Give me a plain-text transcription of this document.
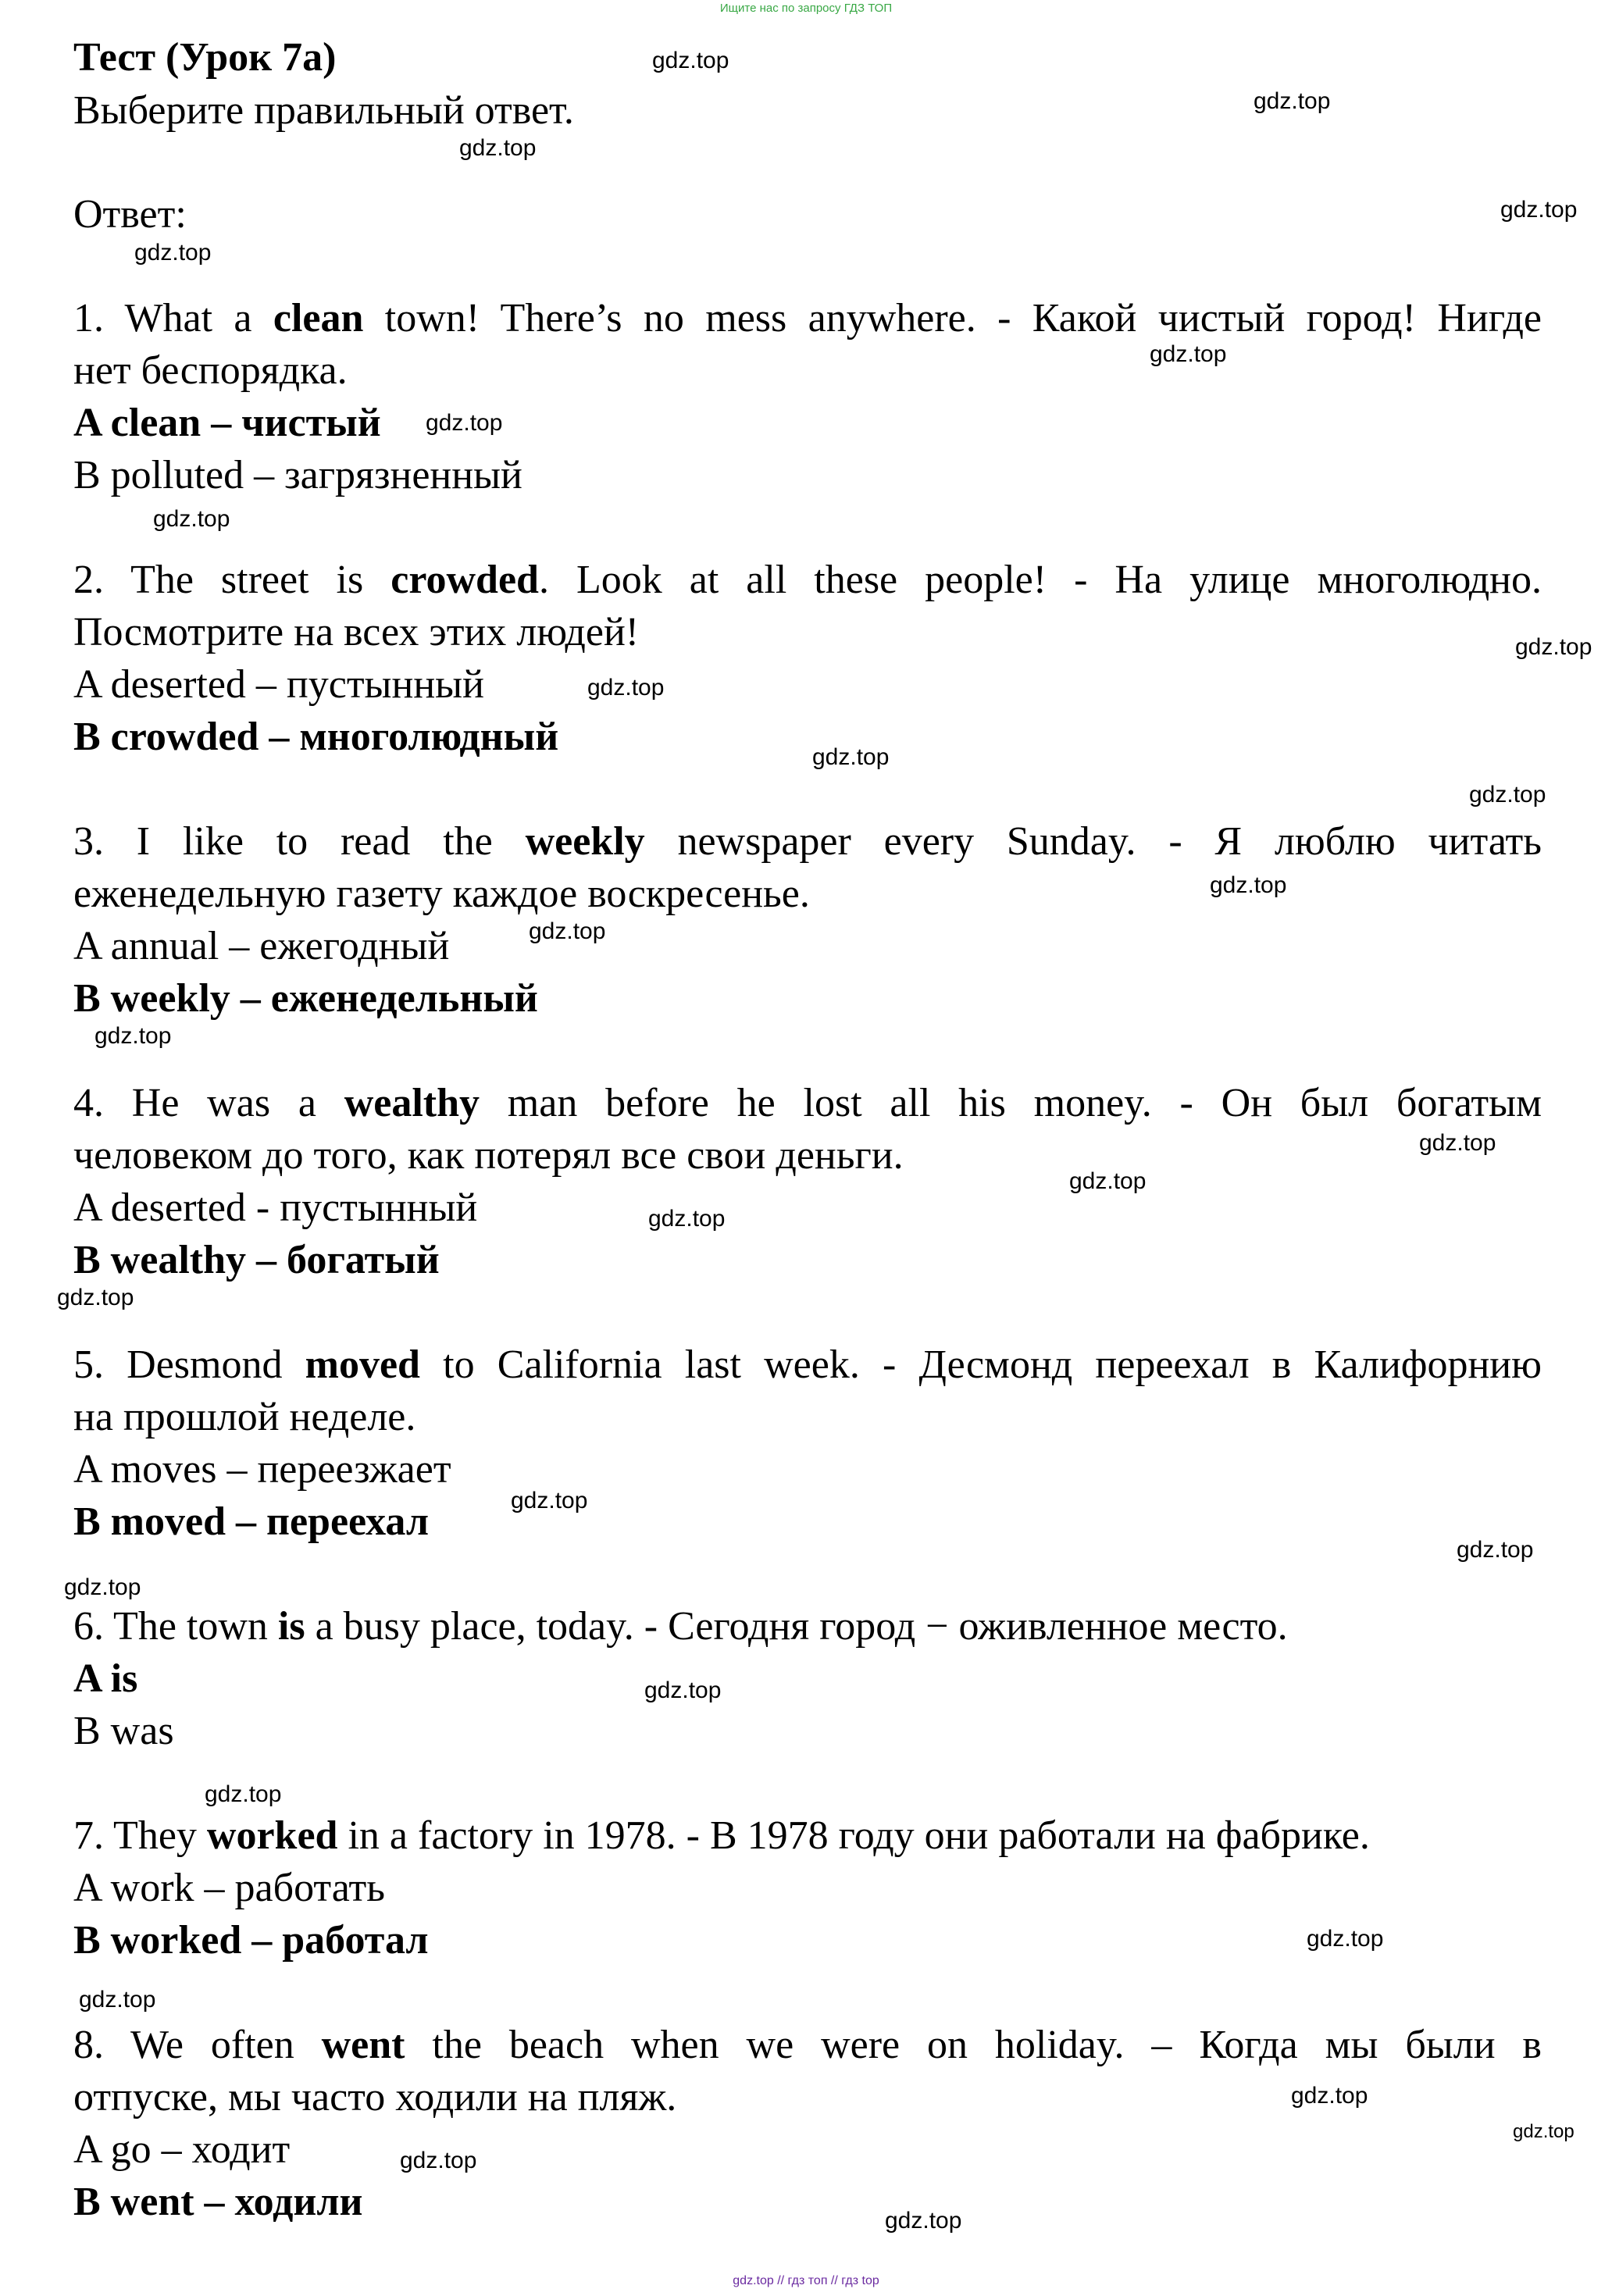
Ищите нас по запросу ГДЗ ТОП
Тест (Урок 7а)
Выберите правильный ответ.
Ответ:
1. What a clean town! There’s no mess anywhere. - Какой чистый город! Нигде
нет беспорядка.
A clean – чистый
B polluted – загрязненный
2. The street is crowded. Look at all these people! - На улице многолюдно.
Посмотрите на всех этих людей!
A deserted – пустынный
B crowded – многолюдный
3. I like to read the weekly newspaper every Sunday. - Я люблю читать
еженедельную газету каждое воскресенье.
A annual – ежегодный
B weekly – еженедельный
4. He was a wealthy man before he lost all his money. - Он был богатым
человеком до того, как потерял все свои деньги.
A deserted - пустынный
B wealthy – богатый
5. Desmond moved to California last week. - Десмонд переехал в Калифорнию
на прошлой неделе.
A moves – переезжает
B moved – переехал
6. The town is a busy place, today. - Сегодня город − оживленное место.
A is
B was
7. They worked in a factory in 1978. - В 1978 году они работали на фабрике.
A work – работать
B worked – работал
8. We often went the beach when we were on holiday. – Когда мы были в
отпуске, мы часто ходили на пляж.
A go – ходит
B went – ходили
gdz.top
gdz.top
gdz.top
gdz.top
gdz.top
gdz.top
gdz.top
gdz.top
gdz.top
gdz.top
gdz.top
gdz.top
gdz.top
gdz.top
gdz.top
gdz.top
gdz.top
gdz.top
gdz.top
gdz.top
gdz.top
gdz.top
gdz.top
gdz.top
gdz.top
gdz.top
gdz.top
gdz.top
gdz.top
gdz.top
gdz.top // гдз топ // гдз top
